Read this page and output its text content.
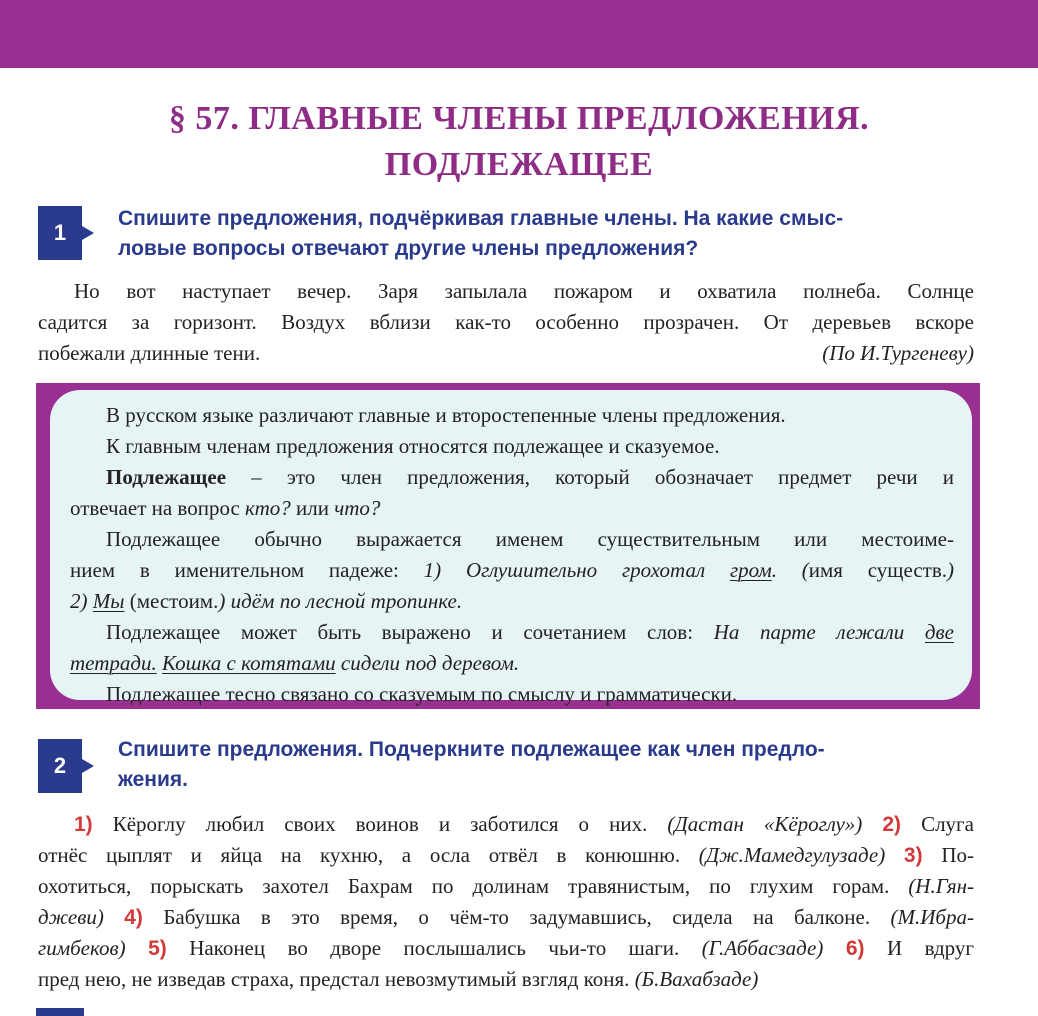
§ 57. ГЛАВНЫЕ ЧЛЕНЫ ПРЕДЛОЖЕНИЯ.
ПОДЛЕЖАЩЕЕ
1
Спишите предложения, подчёркивая главные члены. На какие смыс-
ловые вопросы отвечают другие члены предложения?
Но вот наступает вечер. Заря запылала пожаром и охватила полнеба. Солнце
садится за горизонт. Воздух вблизи как-то особенно прозрачен. От деревьев вскоре
побежали длинные тени.	(По И.Тургеневу)
В русском языке различают главные и второстепенные члены предложения.
К главным членам предложения относятся подлежащее и сказуемое.
Подлежащее – это член предложения, который обозначает предмет речи и
отвечает на вопрос кто? или что?
Подлежащее обычно выражается именем существительным или местоиме-
нием в именительном падеже: 1) Оглушительно грохотал гром. (имя существ.)
2) Мы (местоим.) идём по лесной тропинке.
Подлежащее может быть выражено и сочетанием слов: На парте лежали две
тетради. Кошка с котятами сидели под деревом.
Подлежащее тесно связано со сказуемым по смыслу и грамматически.
2
Спишите предложения. Подчеркните подлежащее как член предло-
жения.
1) Кёроглу любил своих воинов и заботился о них. (Дастан «Кёроглу») 2) Слуга
отнёс цыплят и яйца на кухню, а осла отвёл в конюшню. (Дж.Мамедгулузаде) 3) По-
охотиться, порыскать захотел Бахрам по долинам травянистым, по глухим горам. (Н.Гян-
джеви) 4) Бабушка в это время, о чём-то задумавшись, сидела на балконе. (М.Ибра-
гимбеков) 5) Наконец во дворе послышались чьи-то шаги. (Г.Аббасзаде) 6) И вдруг
пред нею, не изведав страха, предстал невозмутимый взгляд коня. (Б.Вахабзаде)
